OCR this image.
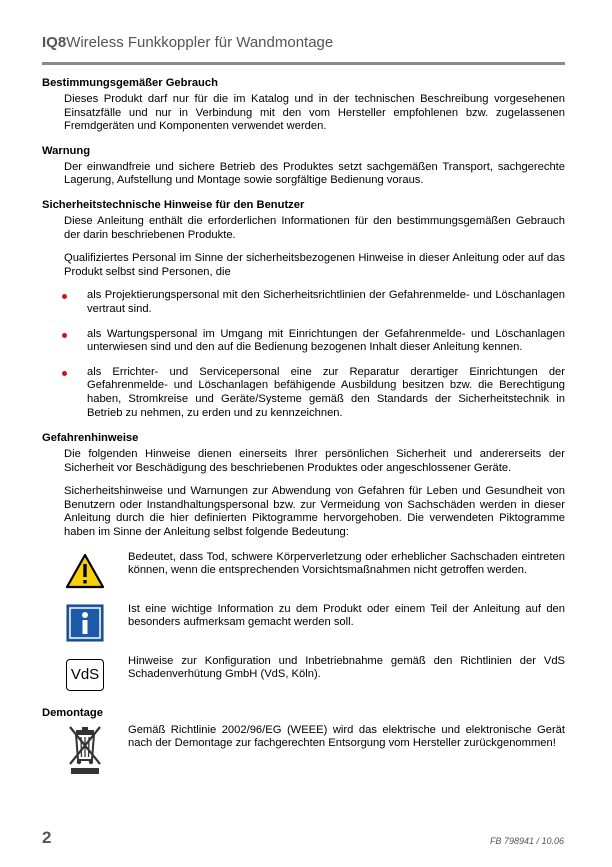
IQ8Wireless Funkkoppler für Wandmontage
Bestimmungsgemäßer Gebrauch

Dieses Produkt darf nur für die im Katalog und in der technischen Beschreibung vorgesehenen Einsatzfälle und nur in Verbindung mit den vom Hersteller empfohlenen bzw. zugelassenen Fremdgeräten und Komponenten verwendet werden.

Warnung

Der einwandfreie und sichere Betrieb des Produktes setzt sachgemäßen Transport, sachgerechte Lagerung, Aufstellung und Montage sowie sorgfältige Bedienung voraus.

Sicherheitstechnische Hinweise für den Benutzer

Diese Anleitung enthält die erforderlichen Informationen für den bestimmungsgemäßen Gebrauch der darin beschriebenen Produkte.

Qualifiziertes Personal im Sinne der sicherheitsbezogenen Hinweise in dieser Anleitung oder auf das Produkt selbst sind Personen, die

als Projektierungspersonal mit den Sicherheitsrichtlinien der Gefahrenmelde- und Löschanlagen vertraut sind.
als Wartungspersonal im Umgang mit Einrichtungen der Gefahrenmelde- und Löschanlagen unterwiesen sind und den auf die Bedienung bezogenen Inhalt dieser Anleitung kennen.
als Errichter- und Servicepersonal eine zur Reparatur derartiger Einrichtungen der Gefahrenmelde- und Löschanlagen befähigende Ausbildung besitzen bzw. die Berechtigung haben, Stromkreise und Geräte/Systeme gemäß den Standards der Sicherheitstechnik in Betrieb zu nehmen, zu erden und zu kennzeichnen.
Gefahrenhinweise

Die folgenden Hinweise dienen einerseits Ihrer persönlichen Sicherheit und andererseits der Sicherheit vor Beschädigung des beschriebenen Produktes oder angeschlossener Geräte.

Sicherheitshinweise und Warnungen zur Abwendung von Gefahren für Leben und Gesundheit von Benutzern oder Instandhaltungspersonal bzw. zur Vermeidung von Sachschäden werden in dieser Anleitung durch die hier definierten Piktogramme hervorgehoben. Die verwendeten Piktogramme haben im Sinne der Anleitung selbst folgende Bedeutung:

Bedeutet, dass Tod, schwere Körperverletzung oder erheblicher Sachschaden eintreten können, wenn die entsprechenden Vorsichtsmaßnahmen nicht getroffen werden.
Ist eine wichtige Information zu dem Produkt oder einem Teil der Anleitung auf den besonders aufmerksam gemacht werden soll.
VdS
Hinweise zur Konfiguration und Inbetriebnahme gemäß den Richtlinien der VdS Schadenverhütung GmbH (VdS, Köln).
Demontage
Gemäß Richtlinie 2002/96/EG (WEEE) wird das elektrische und elektronische Gerät nach der Demontage zur fachgerechten Entsorgung vom Hersteller zurückgenommen!
2	FB 798941 / 10.06
